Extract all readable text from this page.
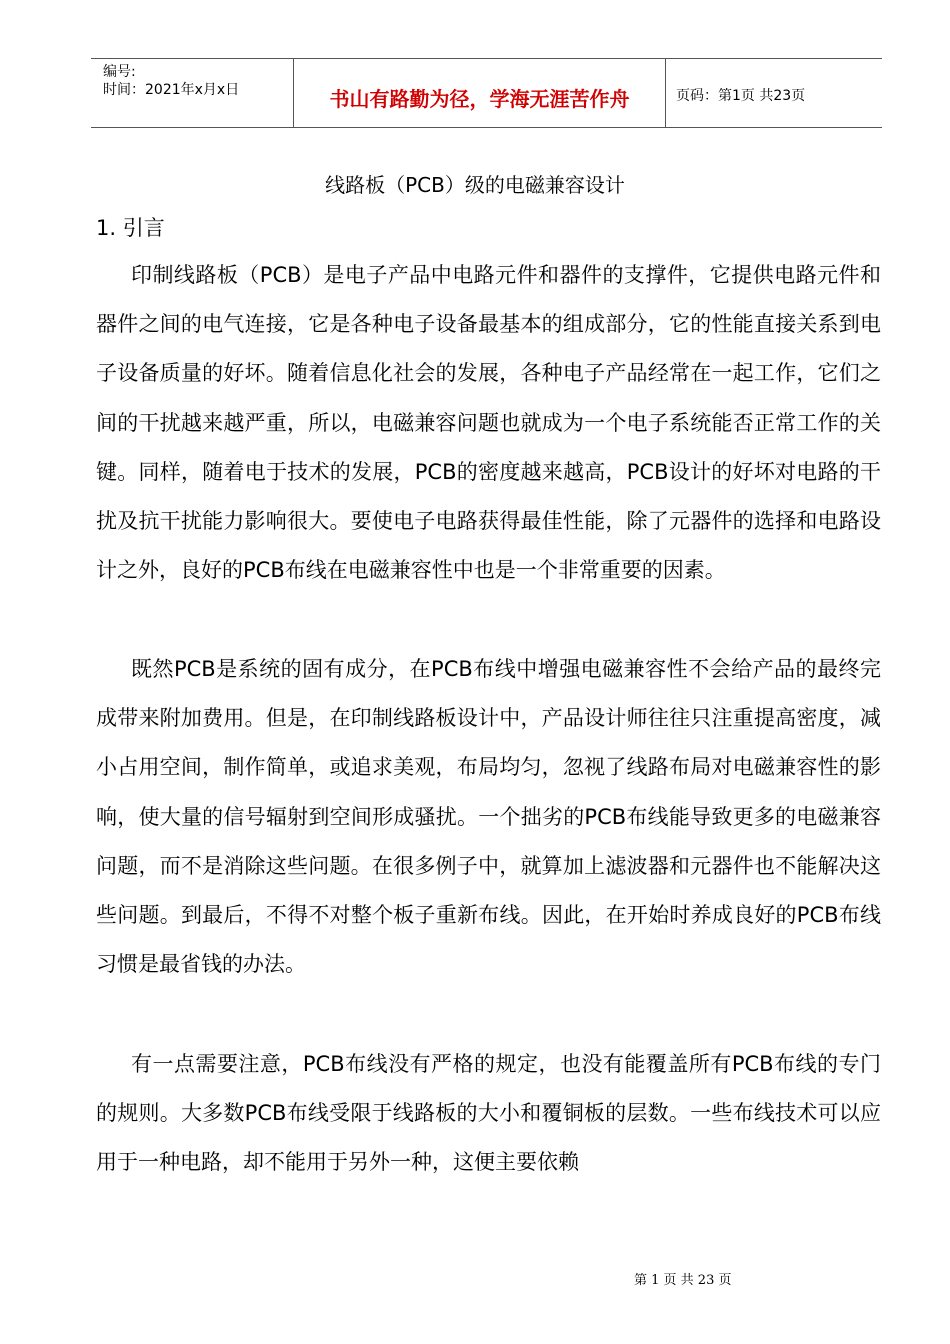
编号:
时间：2021年x月x日	书山有路勤为径，学海无涯苦作舟	页码：第1页 共23页
线路板（PCB）级的电磁兼容设计
1. 引言

印制线路板（PCB）是电子产品中电路元件和器件的支撑件，它提供电路元件和器件之间的电气连接，它是各种电子设备最基本的组成部分，它的性能直接关系到电子设备质量的好坏。随着信息化社会的发展，各种电子产品经常在一起工作，它们之间的干扰越来越严重，所以，电磁兼容问题也就成为一个电子系统能否正常工作的关键。同样，随着电于技术的发展，PCB的密度越来越高，PCB设计的好坏对电路的干扰及抗干扰能力影响很大。要使电子电路获得最佳性能，除了元器件的选择和电路设计之外，良好的PCB布线在电磁兼容性中也是一个非常重要的因素。

既然PCB是系统的固有成分，在PCB布线中增强电磁兼容性不会给产品的最终完成带来附加费用。但是，在印制线路板设计中，产品设计师往往只注重提高密度，减小占用空间，制作简单，或追求美观，布局均匀，忽视了线路布局对电磁兼容性的影响，使大量的信号辐射到空间形成骚扰。一个拙劣的PCB布线能导致更多的电磁兼容问题，而不是消除这些问题。在很多例子中，就算加上滤波器和元器件也不能解决这些问题。到最后，不得不对整个板子重新布线。因此，在开始时养成良好的PCB布线习惯是最省钱的办法。

有一点需要注意，PCB布线没有严格的规定，也没有能覆盖所有PCB布线的专门的规则。大多数PCB布线受限于线路板的大小和覆铜板的层数。一些布线技术可以应用于一种电路，却不能用于另外一种，这便主要依赖

第 1 页 共 23 页
